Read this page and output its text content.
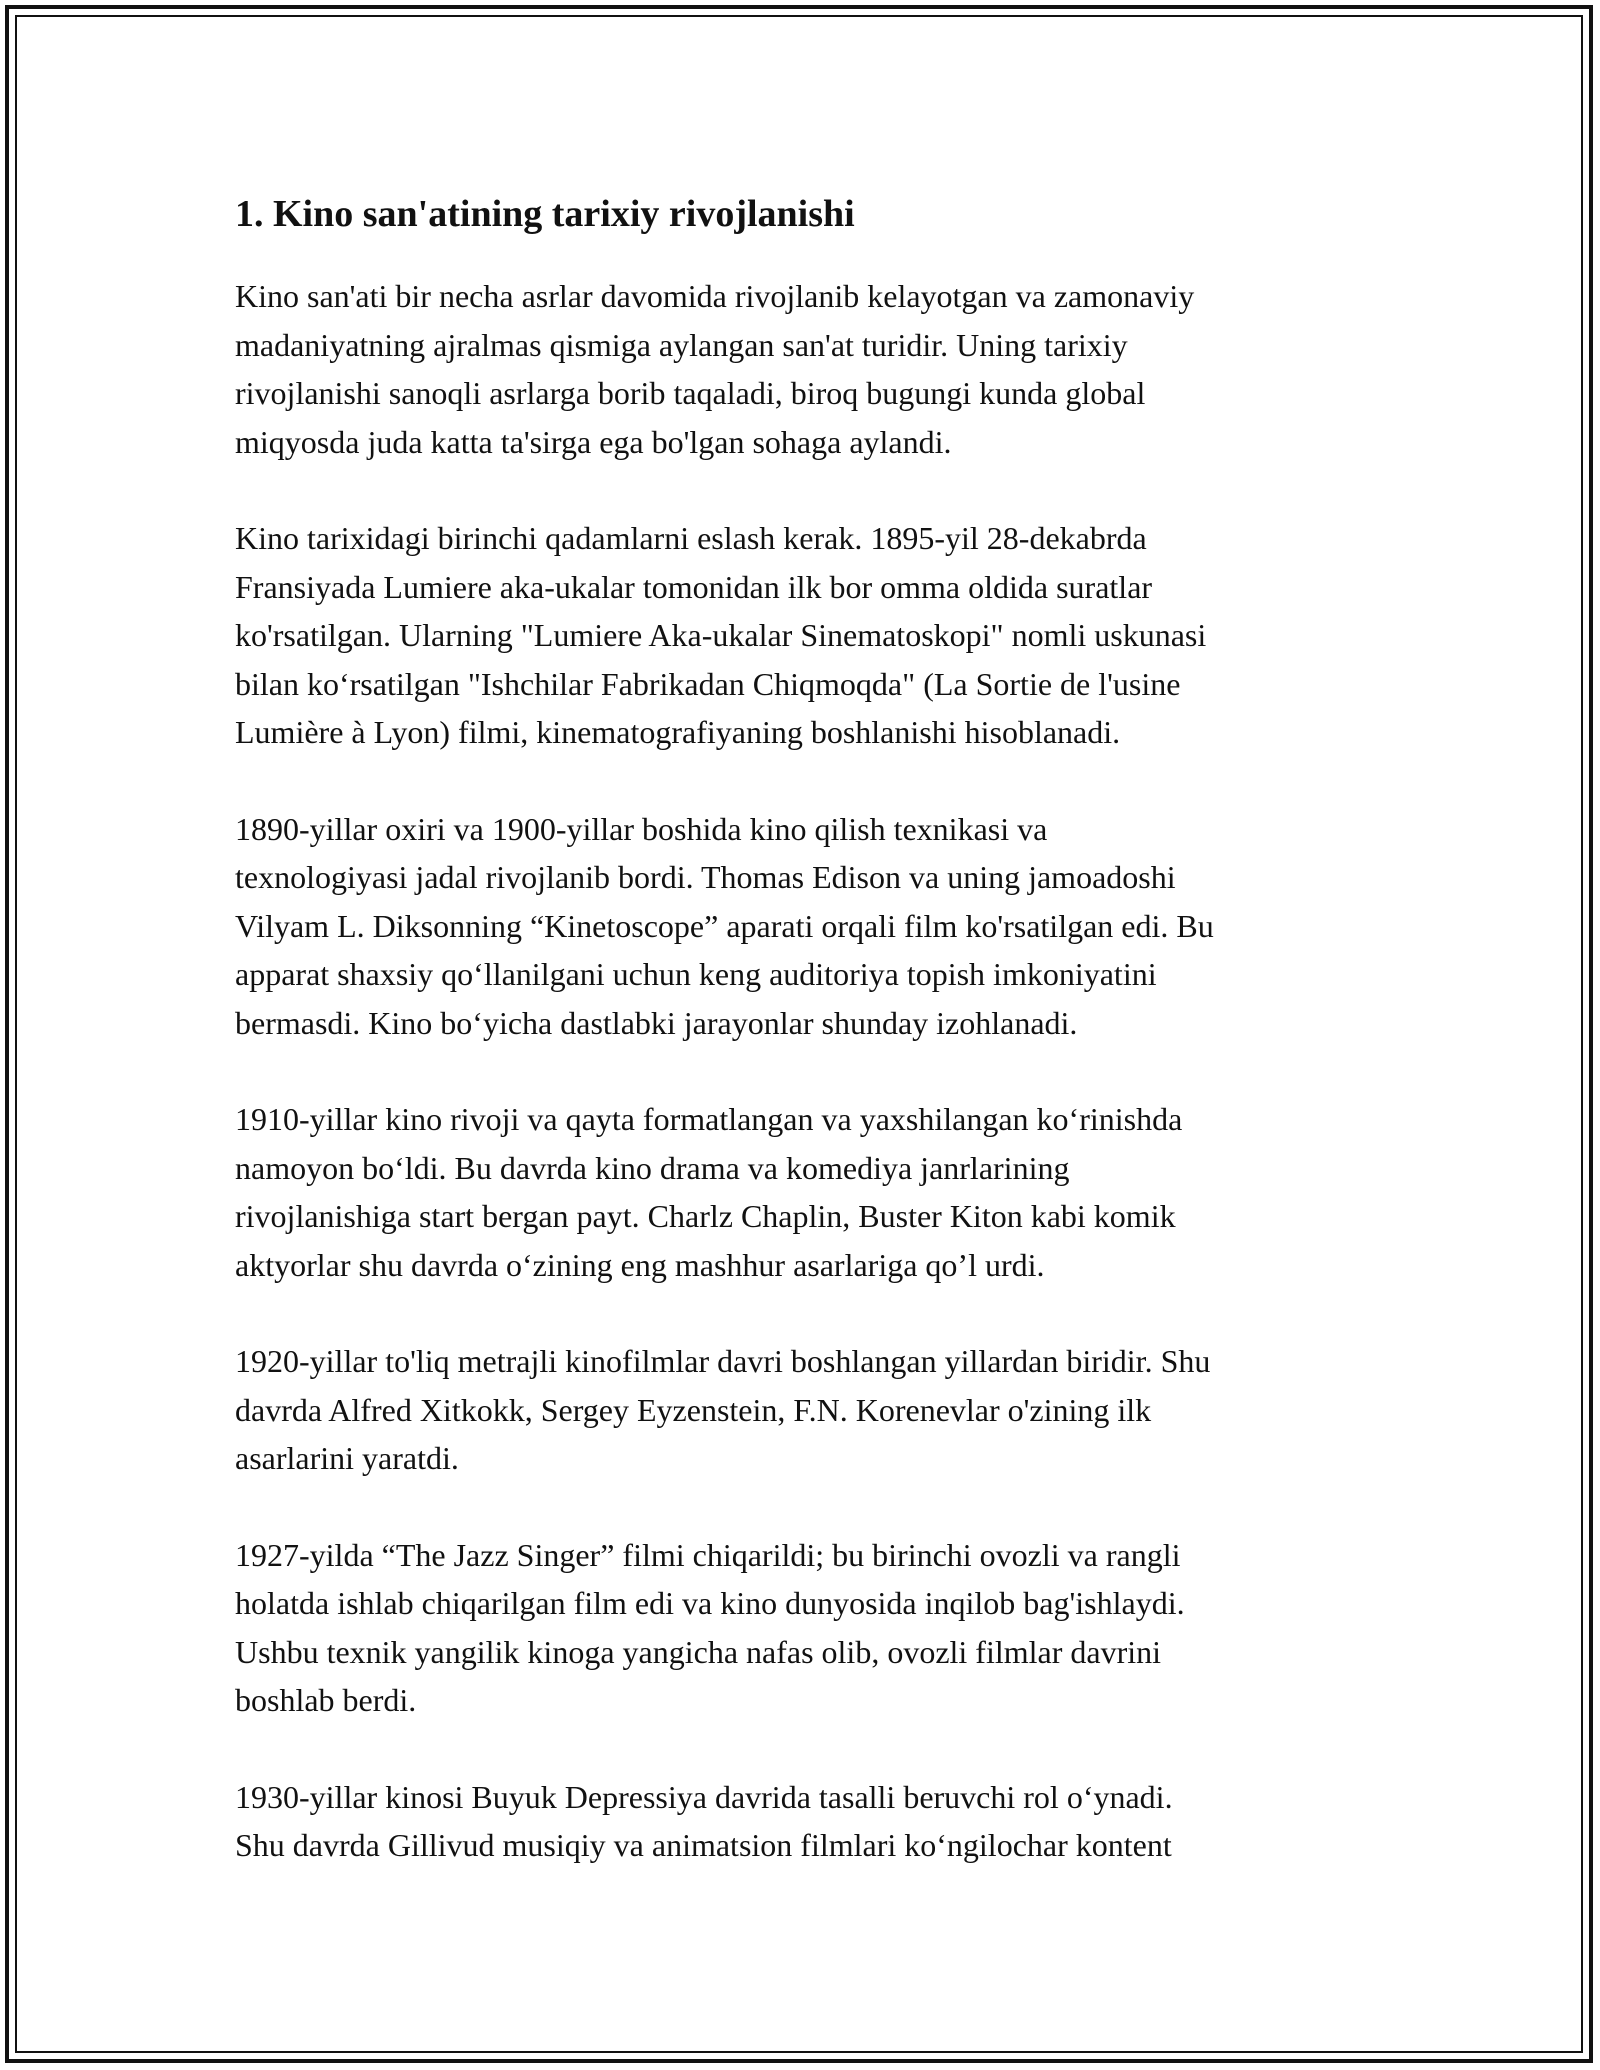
1. Kino san'atining tarixiy rivojlanishi

Kino san'ati bir necha asrlar davomida rivojlanib kelayotgan va zamonaviy
madaniyatning ajralmas qismiga aylangan san'at turidir. Uning tarixiy
rivojlanishi sanoqli asrlarga borib taqaladi, biroq bugungi kunda global
miqyosda juda katta ta'sirga ega bo'lgan sohaga aylandi.

Kino tarixidagi birinchi qadamlarni eslash kerak. 1895-yil 28-dekabrda
Fransiyada Lumiere aka-ukalar tomonidan ilk bor omma oldida suratlar
ko'rsatilgan. Ularning "Lumiere Aka-ukalar Sinematoskopi" nomli uskunasi
bilan ko‘rsatilgan "Ishchilar Fabrikadan Chiqmoqda" (La Sortie de l'usine
Lumière à Lyon) filmi, kinematografiyaning boshlanishi hisoblanadi.

1890-yillar oxiri va 1900-yillar boshida kino qilish texnikasi va
texnologiyasi jadal rivojlanib bordi. Thomas Edison va uning jamoadoshi
Vilyam L. Diksonning “Kinetoscope” aparati orqali film ko'rsatilgan edi. Bu
apparat shaxsiy qo‘llanilgani uchun keng auditoriya topish imkoniyatini
bermasdi. Kino bo‘yicha dastlabki jarayonlar shunday izohlanadi.

1910-yillar kino rivoji va qayta formatlangan va yaxshilangan ko‘rinishda
namoyon bo‘ldi. Bu davrda kino drama va komediya janrlarining
rivojlanishiga start bergan payt. Charlz Chaplin, Buster Kiton kabi komik
aktyorlar shu davrda o‘zining eng mashhur asarlariga qo’l urdi.

1920-yillar to'liq metrajli kinofilmlar davri boshlangan yillardan biridir. Shu
davrda Alfred Xitkokk, Sergey Eyzenstein, F.N. Korenevlar o'zining ilk
asarlarini yaratdi.

1927-yilda “The Jazz Singer” filmi chiqarildi; bu birinchi ovozli va rangli
holatda ishlab chiqarilgan film edi va kino dunyosida inqilob bag'ishlaydi.
Ushbu texnik yangilik kinoga yangicha nafas olib, ovozli filmlar davrini
boshlab berdi.

1930-yillar kinosi Buyuk Depressiya davrida tasalli beruvchi rol o‘ynadi.
Shu davrda Gillivud musiqiy va animatsion filmlari ko‘ngilochar kontent
